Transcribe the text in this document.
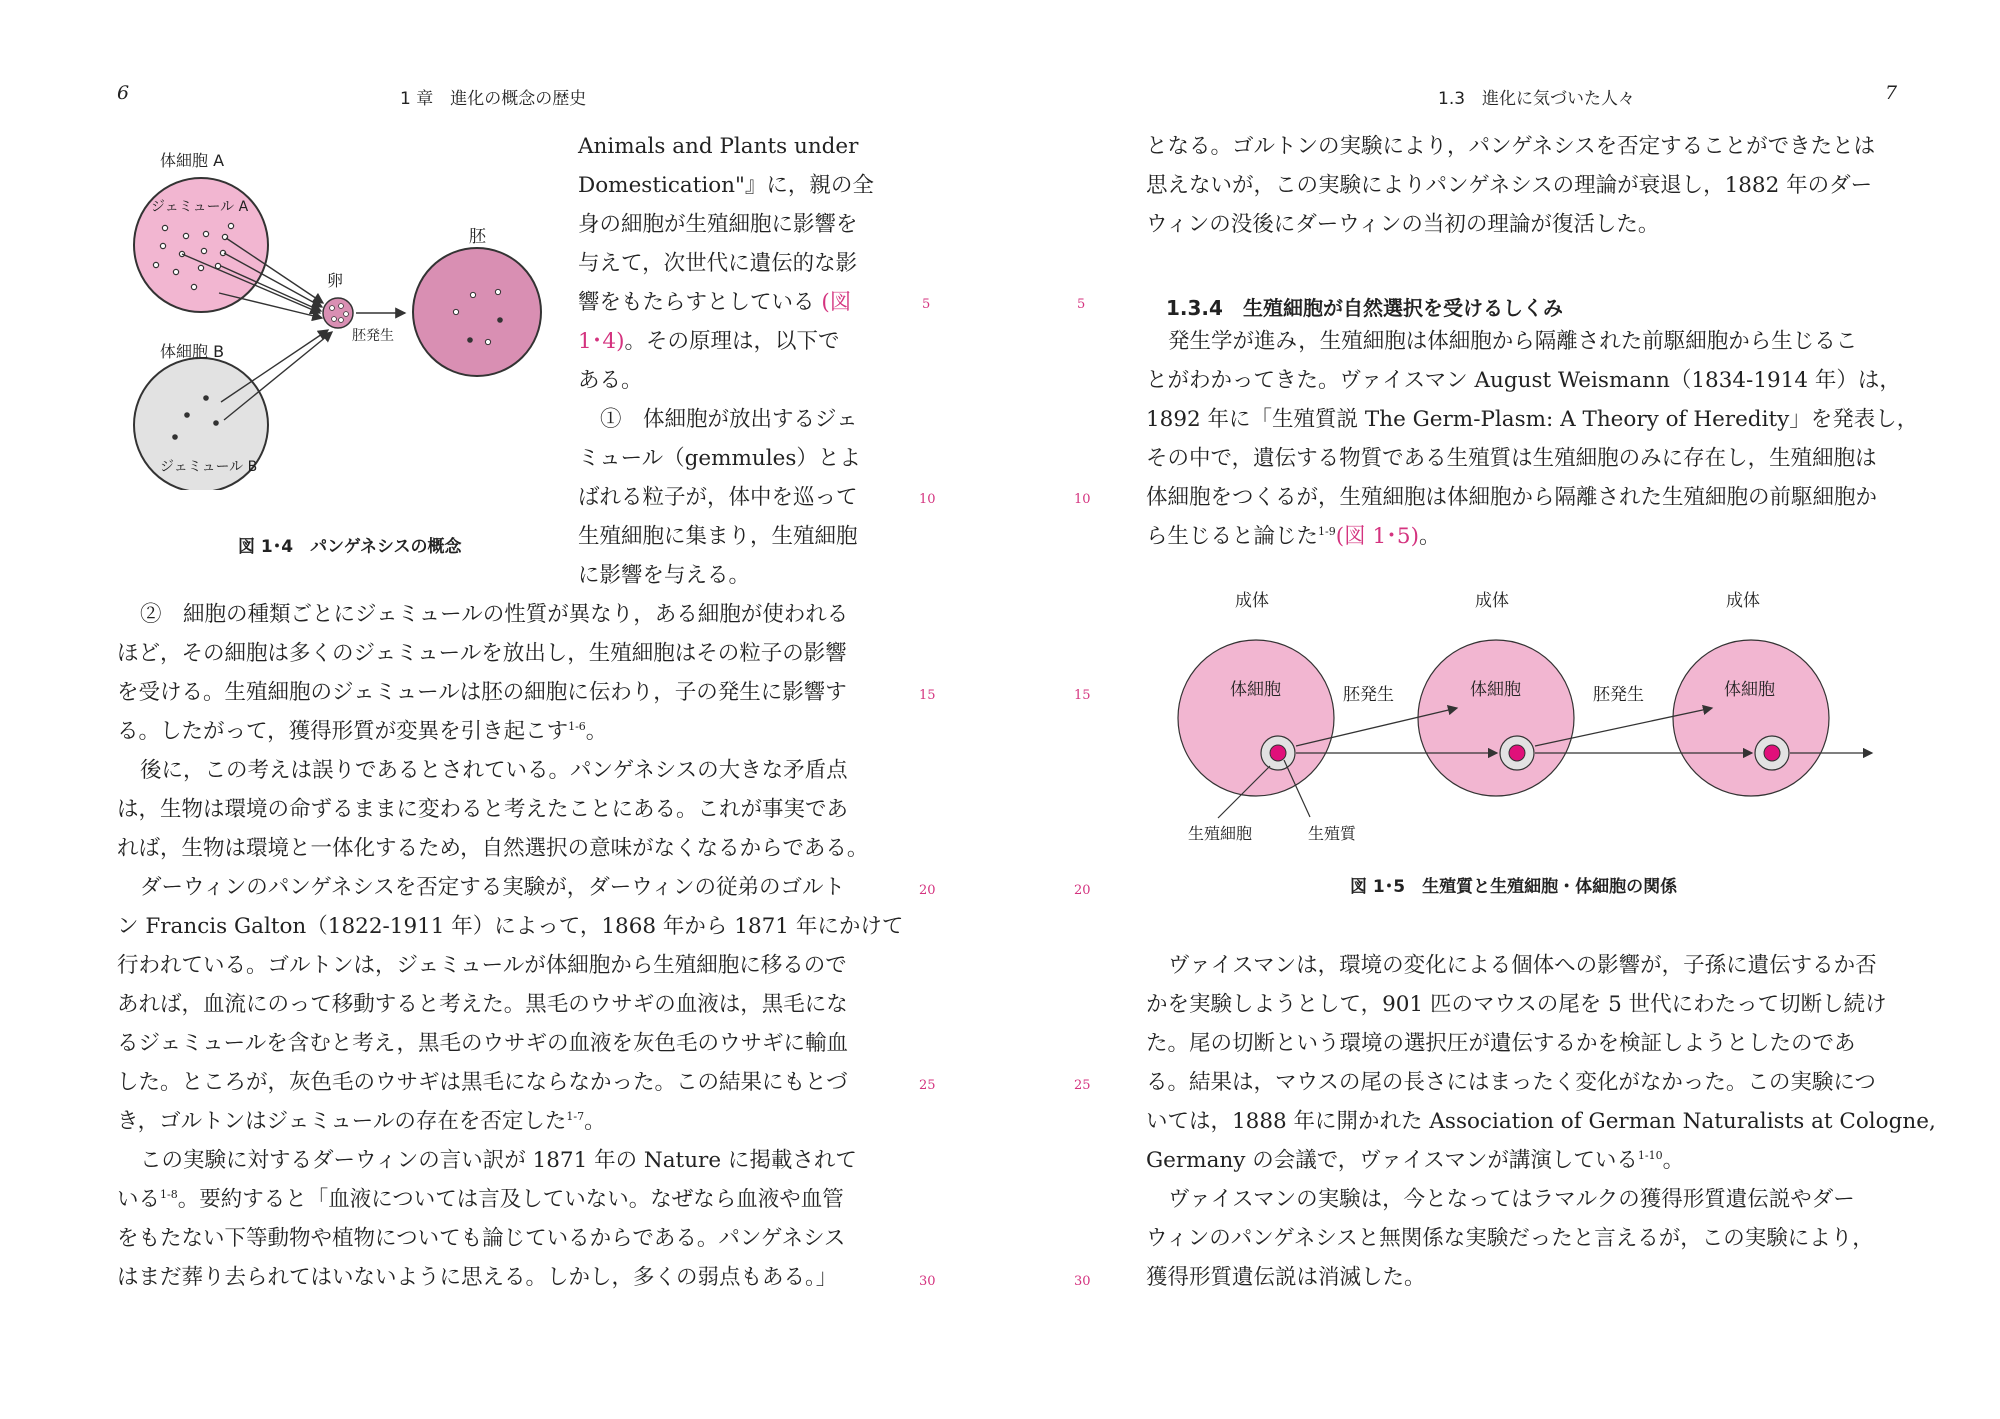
6	1 章　進化の概念の歴史
体細胞 A
ジェミュール A
体細胞 B
ジェミュール B
卵
胚発生
胚
図 1･4　パンゲネシスの概念
Animals and Plants under
Domestication"』に，親の全
身の細胞が生殖細胞に影響を
与えて，次世代に遺伝的な影
響をもたらすとしている (図
1･4)。その原理は，以下で
ある。
①　体細胞が放出するジェ
ミュール（gemmules）とよ
ばれる粒子が，体中を巡って
生殖細胞に集まり，生殖細胞
に影響を与える。
②　細胞の種類ごとにジェミュールの性質が異なり，ある細胞が使われる
ほど，その細胞は多くのジェミュールを放出し，生殖細胞はその粒子の影響
を受ける。生殖細胞のジェミュールは胚の細胞に伝わり，子の発生に影響す
る。したがって，獲得形質が変異を引き起こす$^{1-6}$。
後に，この考えは誤りであるとされている。パンゲネシスの大きな矛盾点
は，生物は環境の命ずるままに変わると考えたことにある。これが事実であ
れば，生物は環境と一体化するため，自然選択の意味がなくなるからである。
ダーウィンのパンゲネシスを否定する実験が，ダーウィンの従弟のゴルト
ン Francis Galton（1822-1911 年）によって，1868 年から 1871 年にかけて
行われている。ゴルトンは，ジェミュールが体細胞から生殖細胞に移るので
あれば，血流にのって移動すると考えた。黒毛のウサギの血液は，黒毛にな
るジェミュールを含むと考え，黒毛のウサギの血液を灰色毛のウサギに輸血
した。ところが，灰色毛のウサギは黒毛にならなかった。この結果にもとづ
き，ゴルトンはジェミュールの存在を否定した$^{1-7}$。
この実験に対するダーウィンの言い訳が 1871 年の Nature に掲載されて
いる$^{1-8}$。要約すると「血液については言及していない。なぜなら血液や血管
をもたない下等動物や植物についても論じているからである。パンゲネシス
はまだ葬り去られてはいないように思える。しかし，多くの弱点もある。」
5
10
15
20
25
30
1.3　進化に気づいた人々	7
5
10
15
20
25
30
となる。ゴルトンの実験により，パンゲネシスを否定することができたとは
思えないが，この実験によりパンゲネシスの理論が衰退し，1882 年のダー
ウィンの没後にダーウィンの当初の理論が復活した。
1.3.4　生殖細胞が自然選択を受けるしくみ
発生学が進み，生殖細胞は体細胞から隔離された前駆細胞から生じるこ
とがわかってきた。ヴァイスマン August Weismann（1834-1914 年）は，
1892 年に「生殖質説 The Germ-Plasm: A Theory of Heredity」を発表し，
その中で，遺伝する物質である生殖質は生殖細胞のみに存在し，生殖細胞は
体細胞をつくるが，生殖細胞は体細胞から隔離された生殖細胞の前駆細胞か
ら生じると論じた$^{1-9}$(図 1･5)。
成体	成体	成体
体細胞	体細胞	体細胞
胚発生	胚発生
生殖細胞	生殖質
図 1･5　生殖質と生殖細胞・体細胞の関係
ヴァイスマンは，環境の変化による個体への影響が，子孫に遺伝するか否
かを実験しようとして，901 匹のマウスの尾を 5 世代にわたって切断し続け
た。尾の切断という環境の選択圧が遺伝するかを検証しようとしたのであ
る。結果は，マウスの尾の長さにはまったく変化がなかった。この実験につ
いては，1888 年に開かれた Association of German Naturalists at Cologne,
Germany の会議で，ヴァイスマンが講演している$^{1-10}$。
ヴァイスマンの実験は，今となってはラマルクの獲得形質遺伝説やダー
ウィンのパンゲネシスと無関係な実験だったと言えるが，この実験により，
獲得形質遺伝説は消滅した。
